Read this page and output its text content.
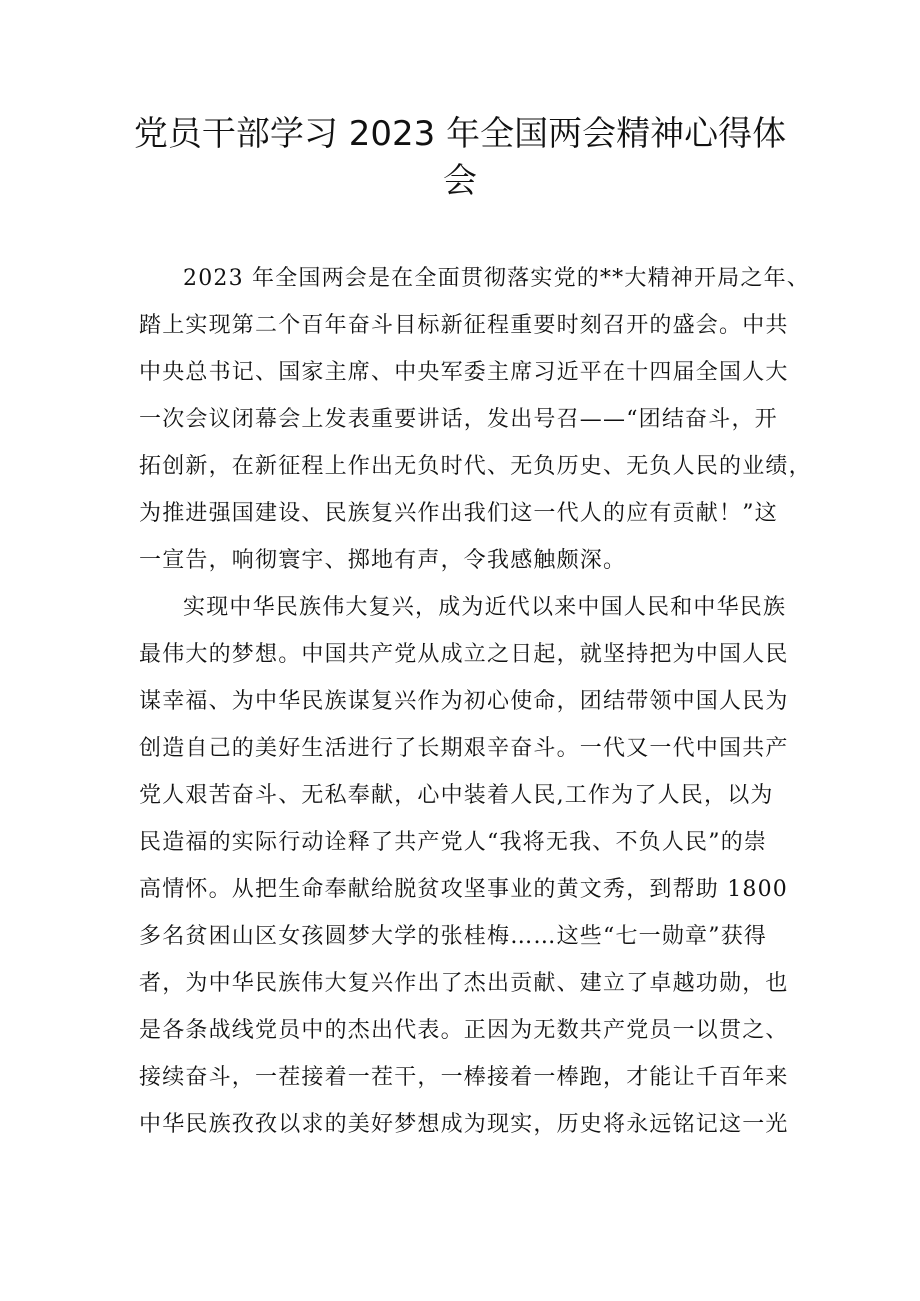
党员干部学习 2023 年全国两会精神心得体
会
2023 年全国两会是在全面贯彻落实党的**大精神开局之年、
踏上实现第二个百年奋斗目标新征程重要时刻召开的盛会。中共
中央总书记、国家主席、中央军委主席习近平在十四届全国人大
一次会议闭幕会上发表重要讲话，发出号召——“团结奋斗，开
拓创新，在新征程上作出无负时代、无负历史、无负人民的业绩，
为推进强国建设、民族复兴作出我们这一代人的应有贡献！”这
一宣告，响彻寰宇、掷地有声，令我感触颇深。
实现中华民族伟大复兴，成为近代以来中国人民和中华民族
最伟大的梦想。中国共产党从成立之日起，就坚持把为中国人民
谋幸福、为中华民族谋复兴作为初心使命，团结带领中国人民为
创造自己的美好生活进行了长期艰辛奋斗。一代又一代中国共产
党人艰苦奋斗、无私奉献，心中装着人民,工作为了人民，以为
民造福的实际行动诠释了共产党人“我将无我、不负人民”的崇
高情怀。从把生命奉献给脱贫攻坚事业的黄文秀，到帮助 1800
多名贫困山区女孩圆梦大学的张桂梅……这些“七一勋章”获得
者，为中华民族伟大复兴作出了杰出贡献、建立了卓越功勋，也
是各条战线党员中的杰出代表。正因为无数共产党员一以贯之、
接续奋斗，一茬接着一茬干，一棒接着一棒跑，才能让千百年来
中华民族孜孜以求的美好梦想成为现实，历史将永远铭记这一光
